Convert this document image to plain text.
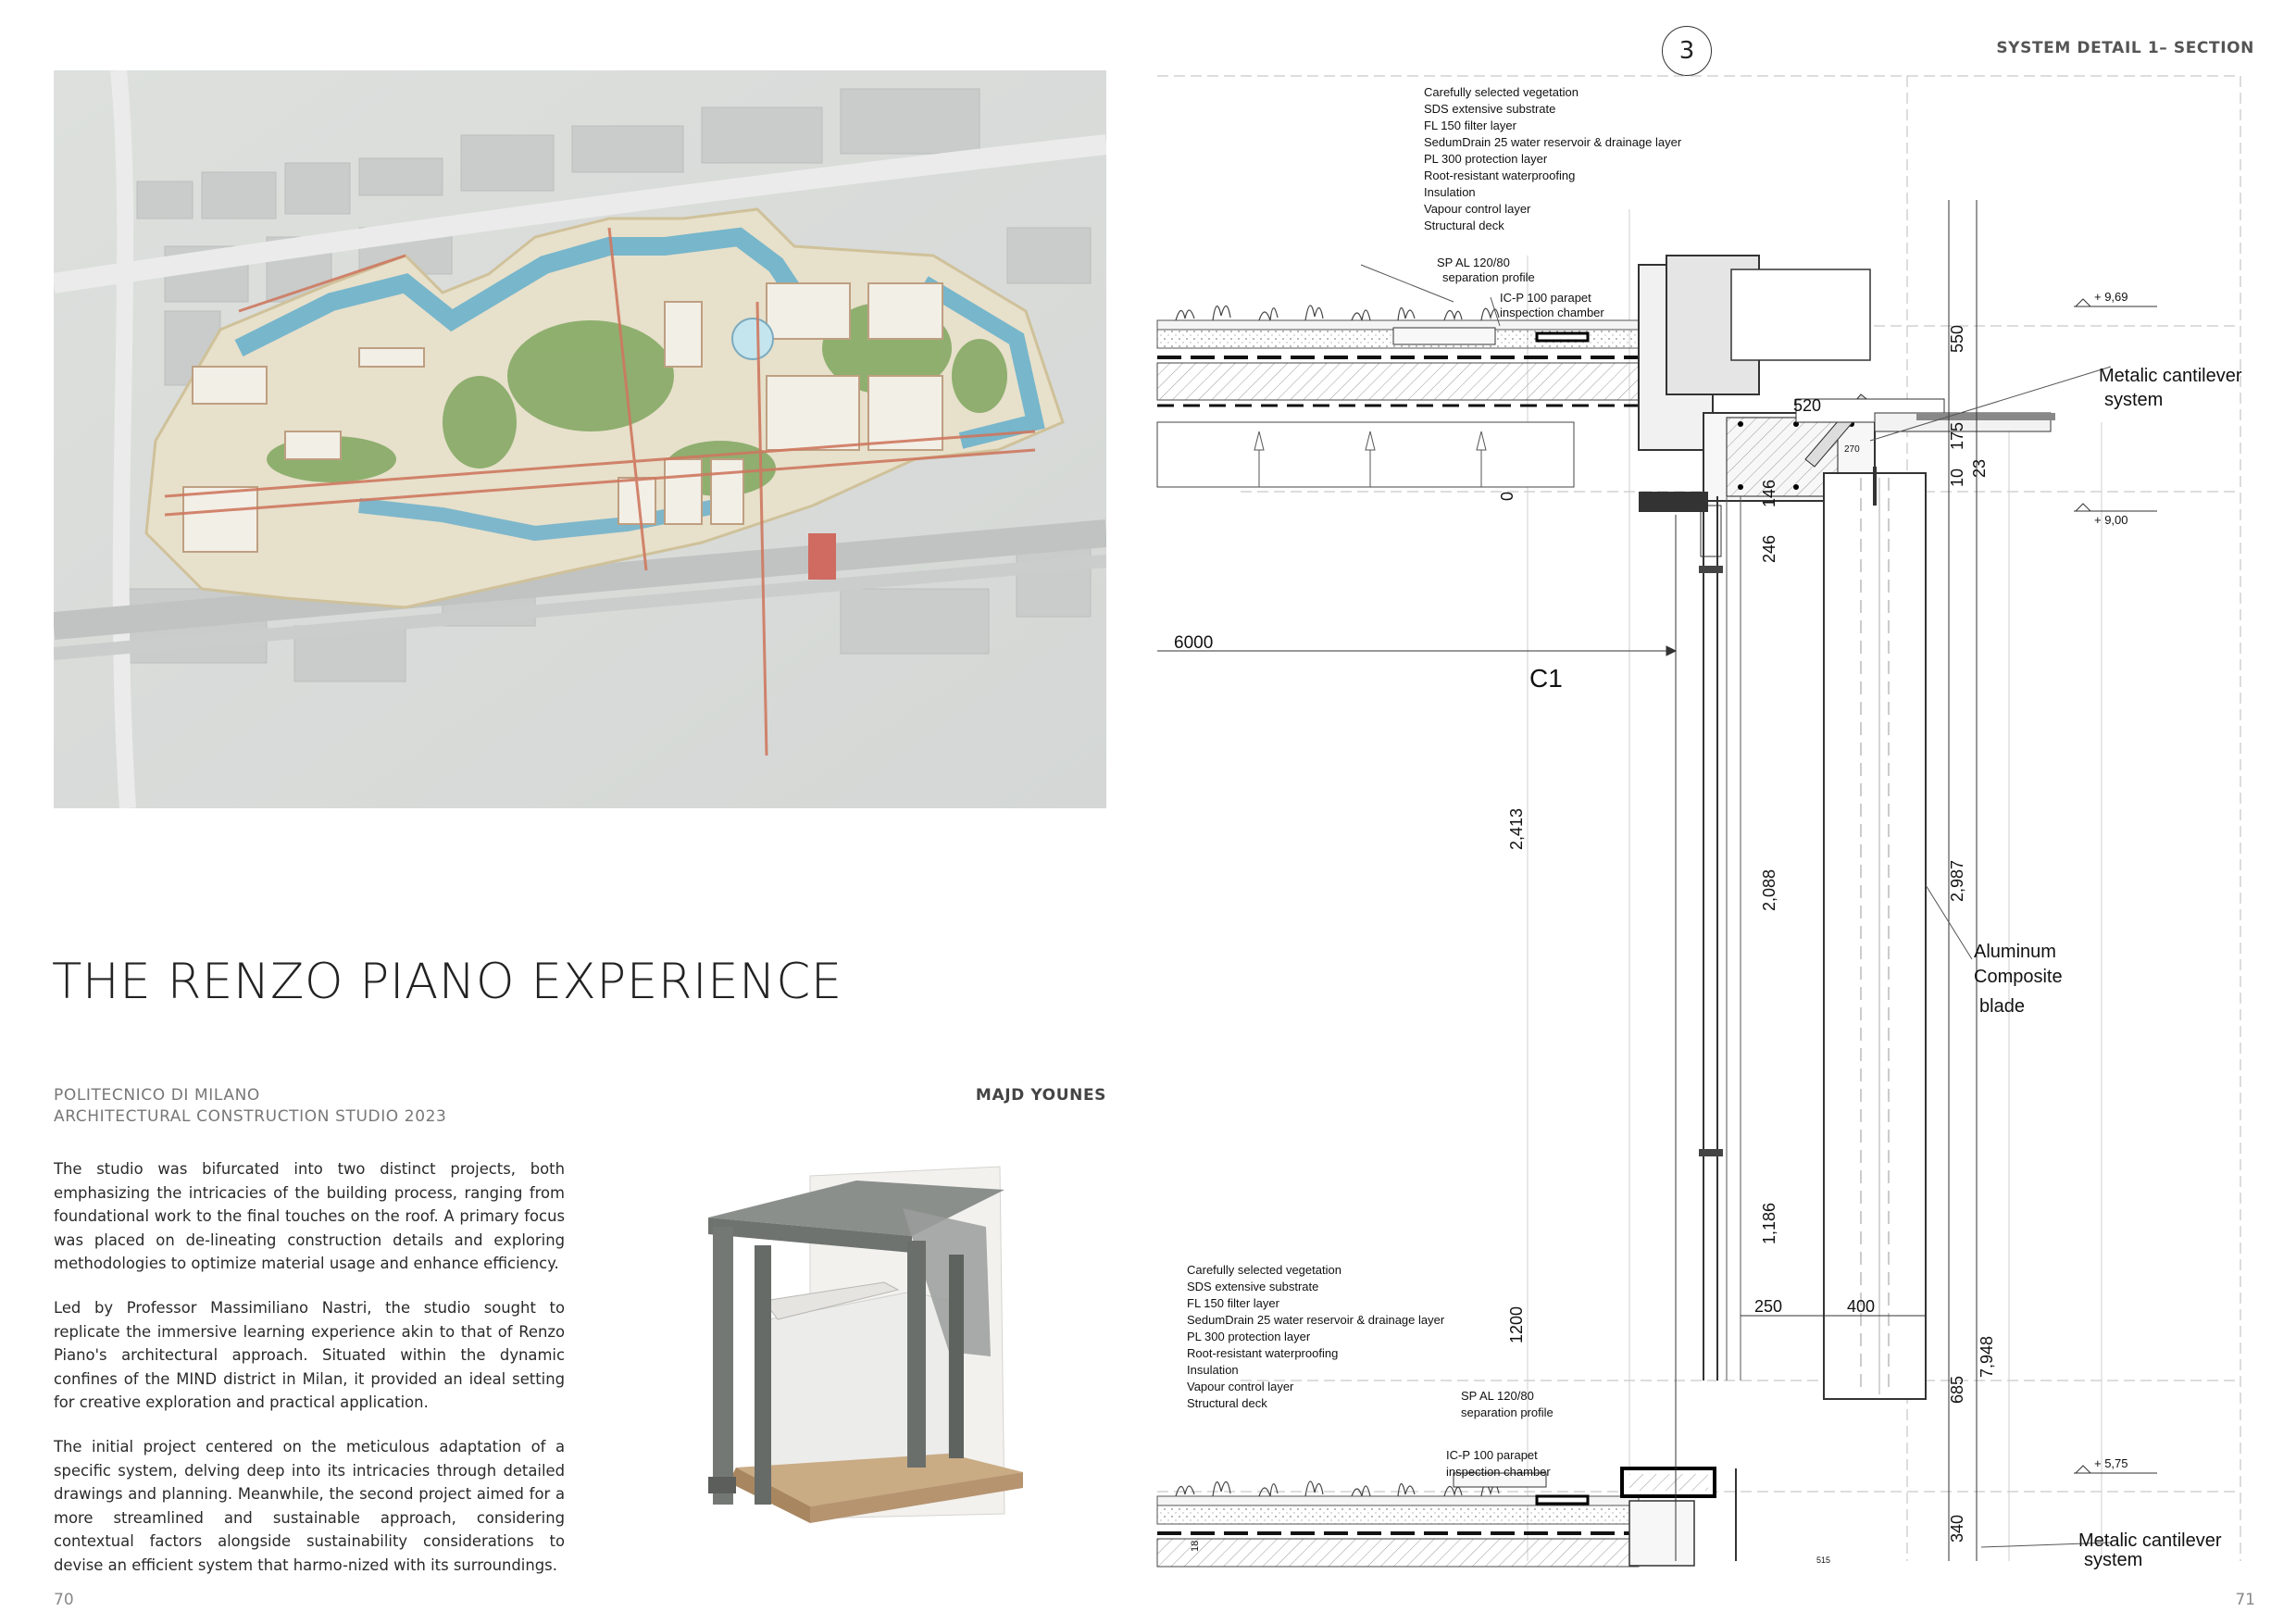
THE RENZO PIANO EXPERIENCE
POLITECNICO DI MILANO
ARCHITECTURAL CONSTRUCTION STUDIO 2023
MAJD YOUNES

The studio was bifurcated into two distinct projects, both emphasizing the intricacies of the building process, ranging from foundational work to the final touches on the roof. A primary focus was placed on de-lineating construction details and exploring methodologies to optimize material usage and enhance efficiency.

Led by Professor Massimiliano Nastri, the studio sought to replicate the immersive learning experience akin to that of Renzo Piano's architectural approach. Situated within the dynamic confines of the MIND district in Milan, it provided an ideal setting for creative exploration and practical application.

The initial project centered on the meticulous adaptation of a specific system, delving deep into its intricacies through detailed drawings and planning. Meanwhile, the second project aimed for a more streamlined and sustainable approach, considering contextual factors alongside sustainability considerations to devise an efficient system that harmo-nized with its surroundings.

70
3	SYSTEM DETAIL 1– SECTION
Carefully selected vegetation
SDS extensive substrate
FL 150 filter layer
SedumDrain 25 water reservoir & drainage layer
PL 300 protection layer
Root-resistant waterproofing
Insulation
Vapour control layer
Structural deck
SP AL 120/80
separation profile
IC-P 100 parapet
inspection chamber
Carefully selected vegetation
SDS extensive substrate
FL 150 filter layer
SedumDrain 25 water reservoir & drainage layer
PL 300 protection layer
Root-resistant waterproofing
Insulation
Vapour control layer
Structural deck
SP AL 120/80
separation profile
IC-P 100 parapet
inspection chamber
Metalic cantilever
system
Aluminum
Composite
blade
Metalic cantilever
system
+ 9,69
+ 9,00
+ 5,75
6000
C1
550
520
175
10 23
146
246
0
270
2,413
2,088	2,987
1,186
1200	250	400
685
7,948
340
18
515
71
